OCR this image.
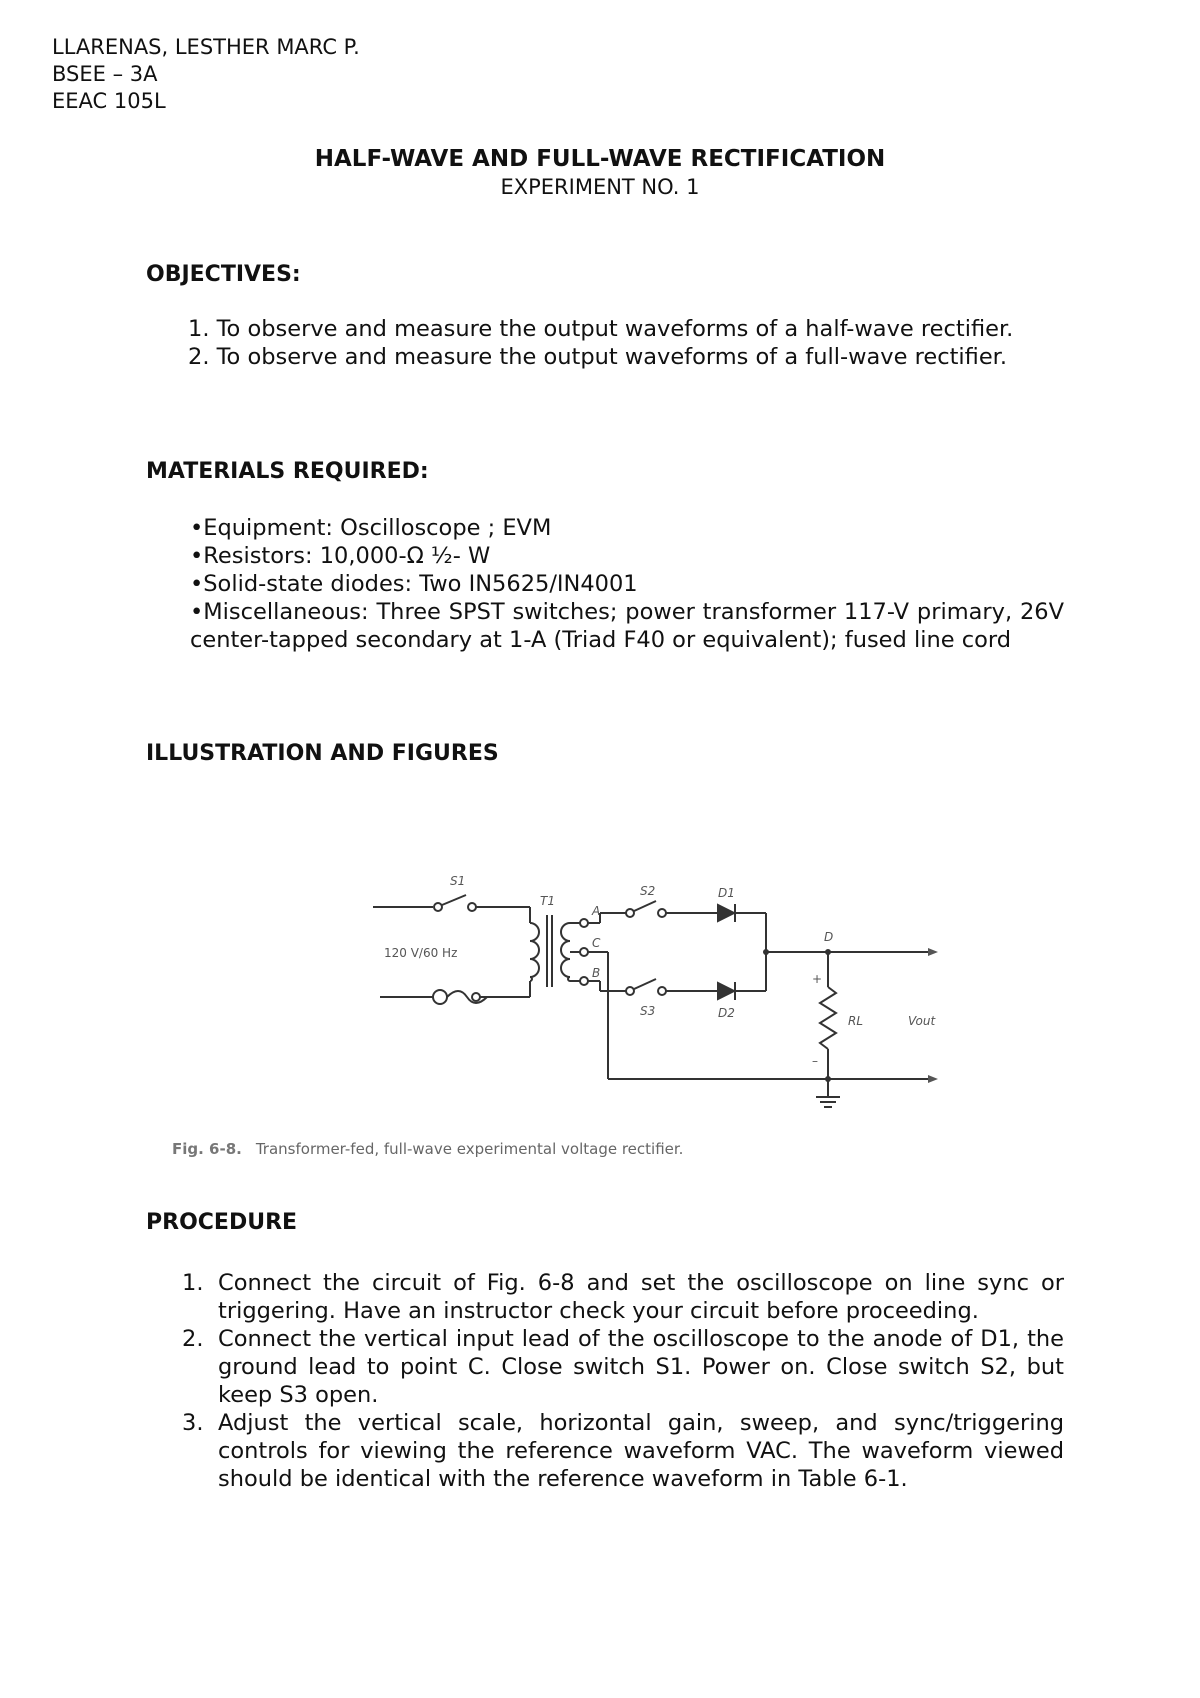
LLARENAS, LESTHER MARC P.
BSEE – 3A
EEAC 105L
HALF-WAVE AND FULL-WAVE RECTIFICATION
EXPERIMENT NO. 1
OBJECTIVES:
1. To observe and measure the output waveforms of a half-wave rectifier.
2. To observe and measure the output waveforms of a full-wave rectifier.
MATERIALS REQUIRED:
•Equipment: Oscilloscope ; EVM
•Resistors: 10,000-Ω ½- W
•Solid-state diodes: Two IN5625/IN4001
•Miscellaneous: Three SPST switches; power transformer 117-V primary, 26V center-tapped secondary at 1-A (Triad F40 or equivalent); fused line cord
ILLUSTRATION AND FIGURES
S1
T1
A
C
B
S2
S3
D1
D2
D
RL	Vout
120 V/60 Hz
+
–
Fig. 6-8. Transformer-fed, full-wave experimental voltage rectifier.
PROCEDURE
1. Connect the circuit of Fig. 6-8 and set the oscilloscope on line sync or triggering. Have an instructor check your circuit before proceeding.
2. Connect the vertical input lead of the oscilloscope to the anode of D1, the ground lead to point C. Close switch S1. Power on. Close switch S2, but keep S3 open.
3. Adjust the vertical scale, horizontal gain, sweep, and sync/triggering controls for viewing the reference waveform VAC. The waveform viewed should be identical with the reference waveform in Table 6-1.
